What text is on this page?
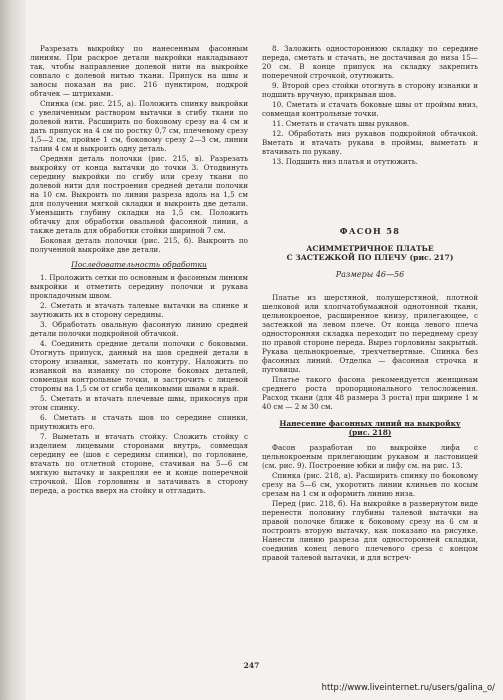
Разрезать выкройку по нанесенным фасонным линиям. При раскрое детали выкройки накладывают так, чтобы направление долевой нити на выкройке совпало с долевой нитью ткани. Припуск на швы и заносы показан на рис. 216 пунктиром, подкрой обтачек — штрихами.

Спинка (см. рис. 215, а). Положить спинку выкройки с увеличенным раствором вытачки в сгибу ткани по долевой нити. Расширить по боковому срезу на 4 см и дать припуск на 4 см по ростку 0,7 см, плечевому срезу 1,5—2 см, пройме 1 см, боковому срезу 2—3 см, линии талии 4 см и выкроить одну деталь.

Средняя деталь полочки (рис. 215, в). Разрезать выкройку от конца вытачки до точки 3. Отодвинуть середину выкройки по сгибу или срезу ткани по долевой нити для построения средней детали полочки на 10 см. Выкроить по линии разреза вдоль на 1,5 см для получения мягкой складки и выкроить две детали. Уменьшить глубину складки на 1,5 см. Положить обтачку для обработки овальной фасонной линии, а также деталь для обработки стойки шириной 7 см.

Боковая деталь полочки (рис. 215, б). Выкроить по полученной выкройке две детали.

Последовательность обработки

1. Проложить сетки по основным и фасонным линиям выкройки и отметить середину полочки и рукава прокладочным швом.

2. Сметать и втачать талевые вытачки на спинке и заутюжить их в сторону середины.

3. Обработать овальную фасонную линию средней детали полочки подкройной обтачкой.

4. Соединить средние детали полочки с боковыми. Отогнуть припуск, данный на шов средней детали в сторону изнанки, заметать по контуру. Наложить по изнанкой на изнанку по стороне боковых деталей, совмещая контрольные точки, и застрочить с лицевой стороны на 1,5 см от сгиба целиковыми швами в край.

5. Сметать и втачать плечевые швы, прикоснув при этом спинку.

6. Сметать и стачать шов по середине спинки, приутюжить его.

7. Выметать и втачать стойку. Сложить стойку с изделием лицевыми сторонами внутрь, совмещая середину ее (шов с середины спинки), по горловине, втачать по отлетной стороне, стачивая на 5—6 см мягкую вытачку и закрепляя ее и конце поперечной строчкой. Шов горловины и затачивать в сторону переда, а ростка вверх на стойку и отгладить.

8. Заложить одностороннюю складку по середине переда, сметать и стачать, не достачивая до низа 15—20 см. В конце припуск на складку закрепить поперечной строчкой, отутюжить.

9. Второй срез стойки отогнуть в сторону изнанки и подшить вручную, прикрывая шов.

10. Сметать и стачать боковые швы от проймы вниз, совмещая контрольные точки.

11. Сметать и стачать швы рукавов.

12. Обработать низ рукавов подкройной обтачкой. Вметать и втачать рукава в проймы, выметать и втачивать по рукаву.

13. Подшить низ платья и отутюжить.

ФАСОН 58
АСИММЕТРИЧНОЕ ПЛАТЬЕ
С ЗАСТЕЖКОЙ ПО ПЛЕЧУ (рис. 217)
Размеры 46—56

Платье из шерстяной, полушерстяной, плотной шелковой или хлопчатобумажной однотонной ткани, цельнокроеное, расширенное книзу, прилегающее, с застежкой на левом плече. От конца левого плеча односторонняя складка переходит по переднему срезу по правой стороне переда. Вырез горловины закрытый. Рукава цельнокроеные, трехчетвертные. Спинка без фасонных линий. Отделка — фасонная строчка и пуговицы.

Платье такого фасона рекомендуется женщинам среднего роста пропорционального телосложения. Расход ткани (для 48 размера 3 роста) при ширине 1 м 40 см — 2 м 30 см.

Нанесение фасонных линий на выкройку
(рис. 218)

Фасон разработан по выкройке лифа с цельнокроеным прилегающим рукавом и ластовицей (см. рис. 9). Построение юбки и лифу см. на рис. 13.

Спинка (рис. 218, а). Расширить спинку по боковому срезу на 5—6 см, укоротить линии клиньев по косым срезам на 1 см и оформить линию низа.

Перед (рис. 218, б). На выкройке в развернутом виде перенести половину глубины талевой вытачки на правой полочке ближе к боковому срезу на 6 см и построить вторую вытачку, как показано на рисунке. Нанести линию разреза для односторонней складки, соединив конец левого плечевого среза с концом правой талевой вытачки, и для встреч-

247
http://www.liveinternet.ru/users/galina_o/
